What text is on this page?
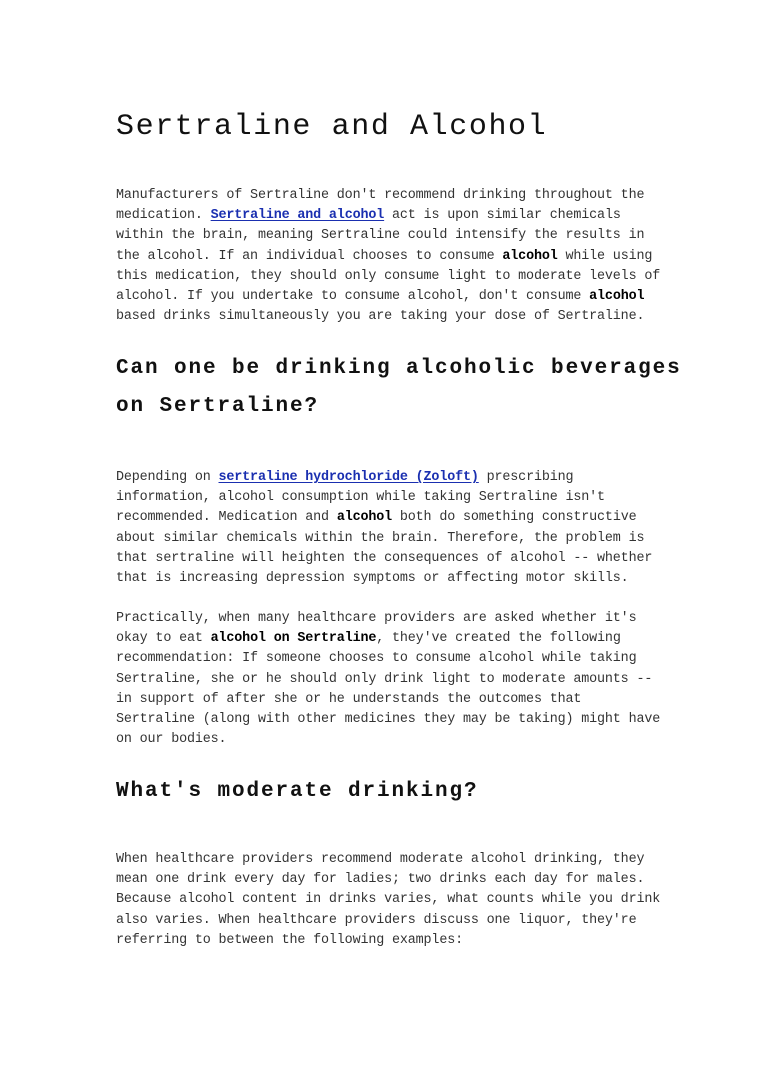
Sertraline and Alcohol

Manufacturers of Sertraline don't recommend drinking throughout the
medication. Sertraline and alcohol act is upon similar chemicals
within the brain, meaning Sertraline could intensify the results in
the alcohol. If an individual chooses to consume alcohol while using
this medication, they should only consume light to moderate levels of
alcohol. If you undertake to consume alcohol, don't consume alcohol
based drinks simultaneously you are taking your dose of Sertraline.

Can one be drinking alcoholic beverages
on Sertraline?

Depending on sertraline hydrochloride (Zoloft) prescribing
information, alcohol consumption while taking Sertraline isn't
recommended. Medication and alcohol both do something constructive
about similar chemicals within the brain. Therefore, the problem is
that sertraline will heighten the consequences of alcohol -- whether
that is increasing depression symptoms or affecting motor skills.

Practically, when many healthcare providers are asked whether it's
okay to eat alcohol on Sertraline, they've created the following
recommendation: If someone chooses to consume alcohol while taking
Sertraline, she or he should only drink light to moderate amounts --
in support of after she or he understands the outcomes that
Sertraline (along with other medicines they may be taking) might have
on our bodies.

What's moderate drinking?

When healthcare providers recommend moderate alcohol drinking, they
mean one drink every day for ladies; two drinks each day for males.
Because alcohol content in drinks varies, what counts while you drink
also varies. When healthcare providers discuss one liquor, they're
referring to between the following examples:
